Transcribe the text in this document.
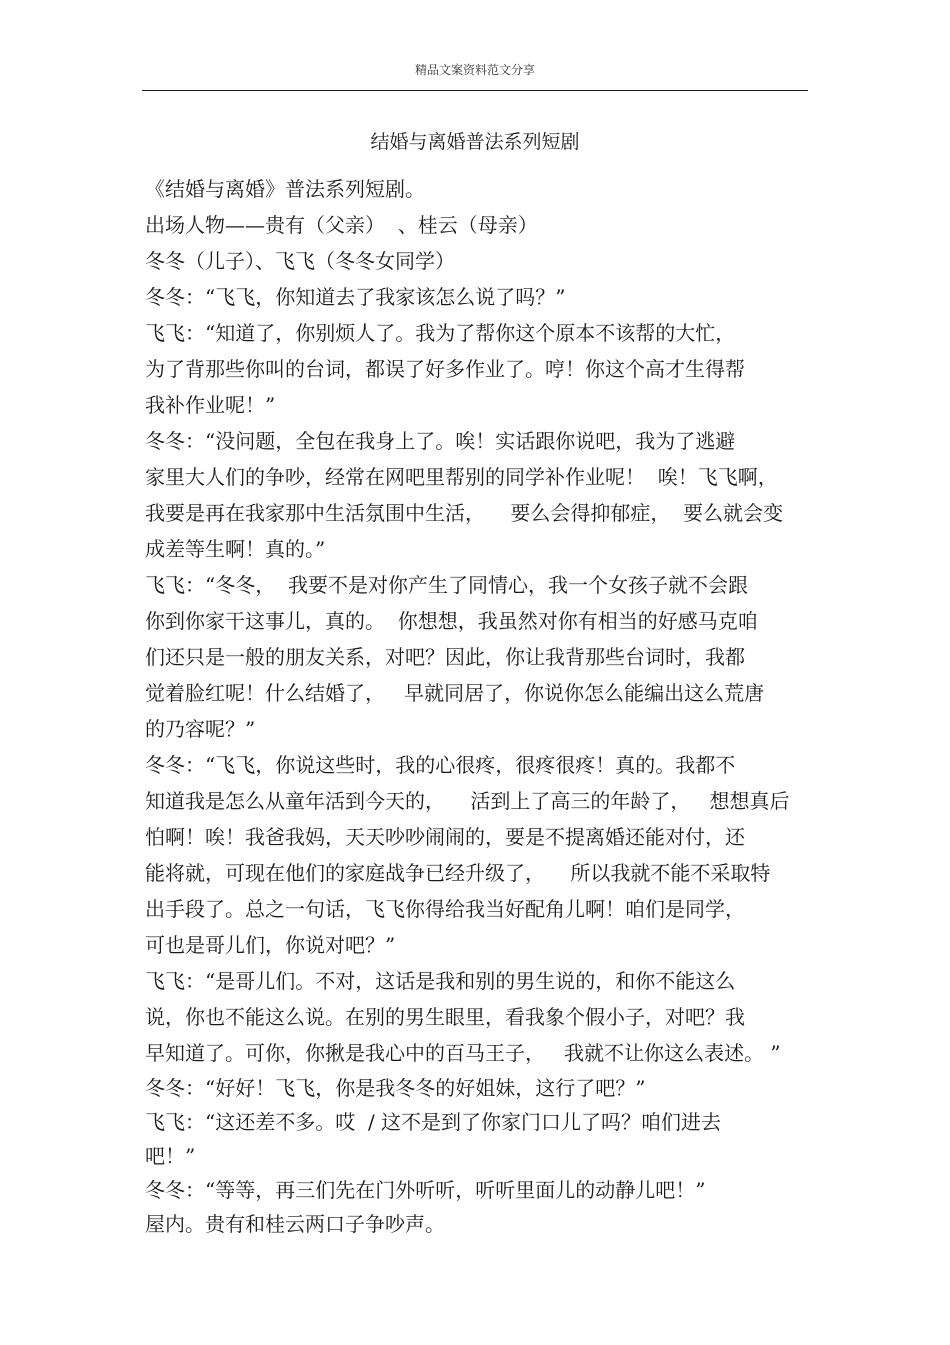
精品文案资料范文分享
结婚与离婚普法系列短剧
《结婚与离婚》普法系列短剧。
出场人物——贵有（父亲）  、桂云（母亲）
冬冬（儿子）、飞飞（冬冬女同学）
冬冬：“飞飞，你知道去了我家该怎么说了吗？”
飞飞：“知道了，你别烦人了。我为了帮你这个原本不该帮的大忙，
为了背那些你叫的台词，都误了好多作业了。哼！你这个高才生得帮
我补作业呢！”
冬冬：“没问题，全包在我身上了。唉！实话跟你说吧，我为了逃避
家里大人们的争吵，经常在网吧里帮别的同学补作业呢！  唉！飞飞啊，
我要是再在我家那中生活氛围中生活，    要么会得抑郁症，  要么就会变
成差等生啊！真的。”
飞飞：“冬冬，  我要不是对你产生了同情心，我一个女孩子就不会跟
你到你家干这事儿，真的。  你想想，我虽然对你有相当的好感马克咱
们还只是一般的朋友关系，对吧？因此，你让我背那些台词时，我都
觉着脸红呢！什么结婚了，   早就同居了，你说你怎么能编出这么荒唐
的乃容呢？”
冬冬：“飞飞，你说这些时，我的心很疼，很疼很疼！真的。我都不
知道我是怎么从童年活到今天的，    活到上了高三的年龄了，   想想真后
怕啊！唉！我爸我妈，天天吵吵闹闹的，要是不提离婚还能对付，还
能将就，可现在他们的家庭战争已经升级了，    所以我就不能不采取特
出手段了。总之一句话，飞飞你得给我当好配角儿啊！咱们是同学，
可也是哥儿们，你说对吧？”
飞飞：“是哥儿们。不对，这话是我和别的男生说的，和你不能这么
说，你也不能这么说。在别的男生眼里，看我象个假小子，对吧？我
早知道了。可你，你揪是我心中的百马王子，   我就不让你这么表述。 ”
冬冬：“好好！飞飞，你是我冬冬的好姐妹，这行了吧？”
飞飞：“这还差不多。哎  / 这不是到了你家门口儿了吗？咱们进去
吧！”
冬冬：“等等，再三们先在门外听听，听听里面儿的动静儿吧！”
屋内。贵有和桂云两口子争吵声。
